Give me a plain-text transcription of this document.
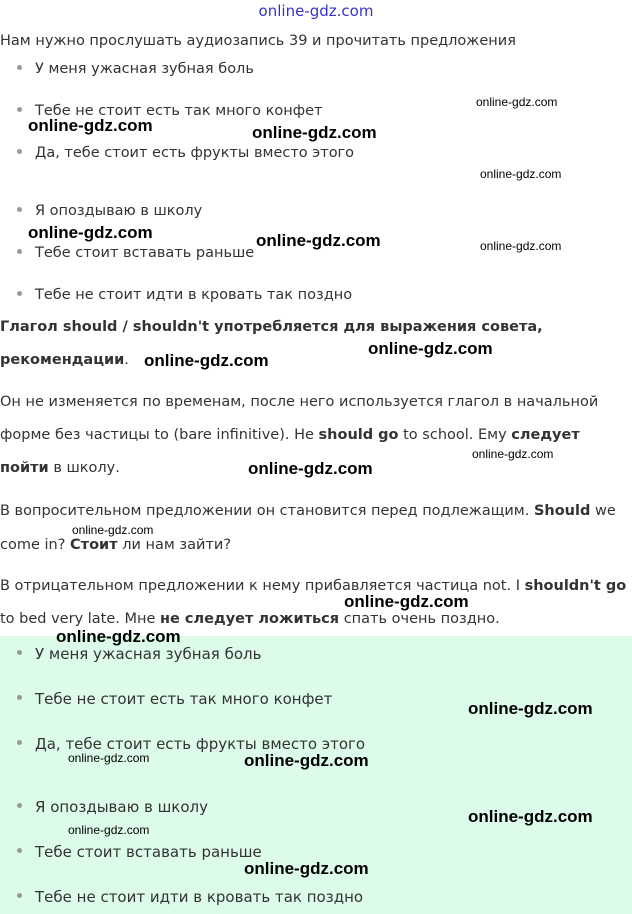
online-gdz.com
Нам нужно прослушать аудиозапись 39 и прочитать предложения
У меня ужасная зубная боль
Тебе не стоит есть так много конфет
Да, тебе стоит есть фрукты вместо этого
Я опоздываю в школу
Тебе стоит вставать раньше
Тебе не стоит идти в кровать так поздно
Глагол should / shouldn't употребляется для выражения совета, рекомендации.
Он не изменяется по временам, после него используется глагол в начальной форме без частицы to (bare infinitive). Не should go to school. Ему следует пойти в школу.
В вопросительном предложении он становится перед подлежащим. Should we come in? Стоит ли нам зайти?
В отрицательном предложении к нему прибавляется частица not. I shouldn't go to bed very late. Мне не следует ложиться спать очень поздно.
У меня ужасная зубная боль
Тебе не стоит есть так много конфет
Да, тебе стоит есть фрукты вместо этого
Я опоздываю в школу
Тебе стоит вставать раньше
Тебе не стоит идти в кровать так поздно
online-gdz.com
online-gdz.com	online-gdz.com
online-gdz.com
online-gdz.com	online-gdz.com	online-gdz.com
online-gdz.com
online-gdz.com
online-gdz.com
online-gdz.com
online-gdz.com
online-gdz.com
online-gdz.com
online-gdz.com
online-gdz.com	online-gdz.com
online-gdz.com
online-gdz.com
online-gdz.com
